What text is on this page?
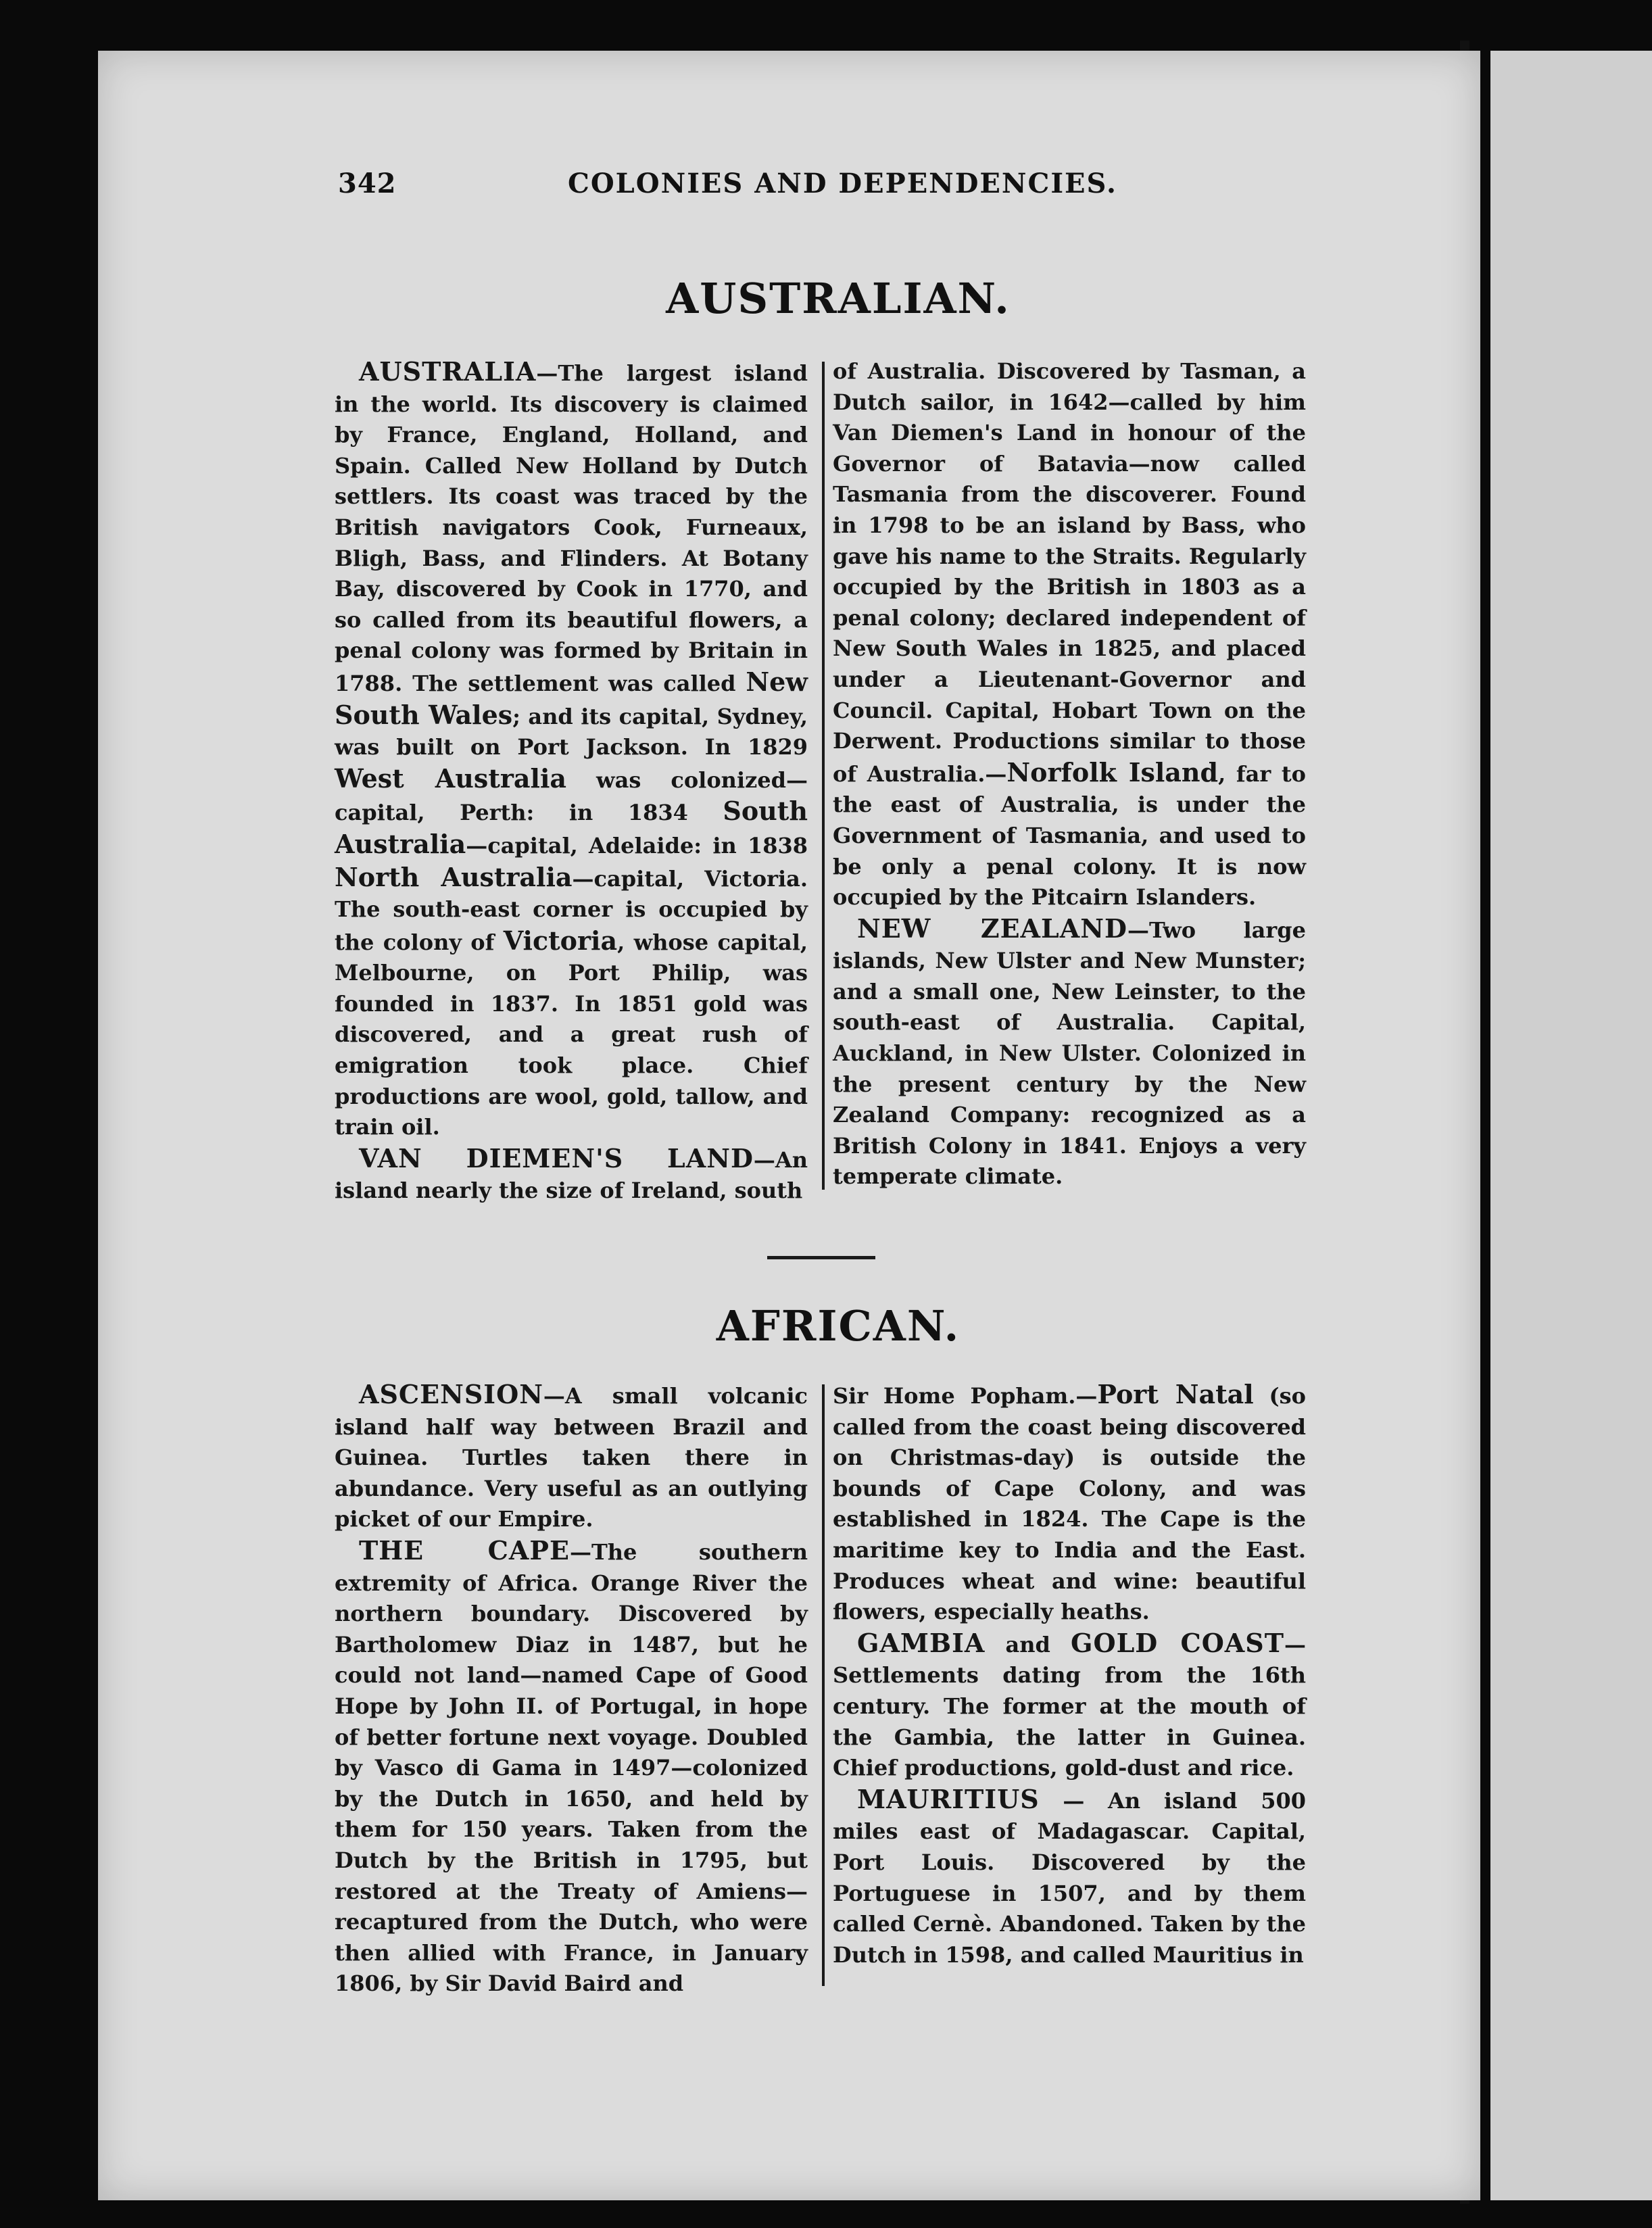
342	COLONIES AND DEPENDENCIES.
AUSTRALIAN.

AUSTRALIA—The largest island in the world. Its discovery is claimed by France, England, Holland, and Spain. Called New Holland by Dutch settlers. Its coast was traced by the British navigators Cook, Furneaux, Bligh, Bass, and Flinders. At Botany Bay, discovered by Cook in 1770, and so called from its beautiful flowers, a penal colony was formed by Britain in 1788. The settlement was called New South Wales; and its capital, Sydney, was built on Port Jackson. In 1829 West Australia was colonized—capital, Perth: in 1834 South Australia—capital, Adelaide: in 1838 North Australia—capital, Victoria. The south-east corner is occupied by the colony of Victoria, whose capital, Melbourne, on Port Philip, was founded in 1837. In 1851 gold was discovered, and a great rush of emigration took place. Chief productions are wool, gold, tallow, and train oil.

VAN DIEMEN'S LAND—An island nearly the size of Ireland, south

of Australia. Discovered by Tasman, a Dutch sailor, in 1642—called by him Van Diemen's Land in honour of the Governor of Batavia—now called Tasmania from the discoverer. Found in 1798 to be an island by Bass, who gave his name to the Straits. Regularly occupied by the British in 1803 as a penal colony; declared independent of New South Wales in 1825, and placed under a Lieutenant-Governor and Council. Capital, Hobart Town on the Derwent. Productions similar to those of Australia.—Norfolk Island, far to the east of Australia, is under the Government of Tasmania, and used to be only a penal colony. It is now occupied by the Pitcairn Islanders.

NEW ZEALAND—Two large islands, New Ulster and New Munster; and a small one, New Leinster, to the south-east of Australia. Capital, Auckland, in New Ulster. Colonized in the present century by the New Zealand Company: recognized as a British Colony in 1841. Enjoys a very temperate climate.

AFRICAN.

ASCENSION—A small volcanic island half way between Brazil and Guinea. Turtles taken there in abundance. Very useful as an outlying picket of our Empire.

THE CAPE—The southern extremity of Africa. Orange River the northern boundary. Discovered by Bartholomew Diaz in 1487, but he could not land—named Cape of Good Hope by John II. of Portugal, in hope of better fortune next voyage. Doubled by Vasco di Gama in 1497—colonized by the Dutch in 1650, and held by them for 150 years. Taken from the Dutch by the British in 1795, but restored at the Treaty of Amiens—recaptured from the Dutch, who were then allied with France, in January 1806, by Sir David Baird and

Sir Home Popham.—Port Natal (so called from the coast being discovered on Christmas-day) is outside the bounds of Cape Colony, and was established in 1824. The Cape is the maritime key to India and the East. Produces wheat and wine: beautiful flowers, especially heaths.

GAMBIA and GOLD COAST—Settlements dating from the 16th century. The former at the mouth of the Gambia, the latter in Guinea. Chief productions, gold-dust and rice.

MAURITIUS — An island 500 miles east of Madagascar. Capital, Port Louis. Discovered by the Portuguese in 1507, and by them called Cernè. Abandoned. Taken by the Dutch in 1598, and called Mauritius in
